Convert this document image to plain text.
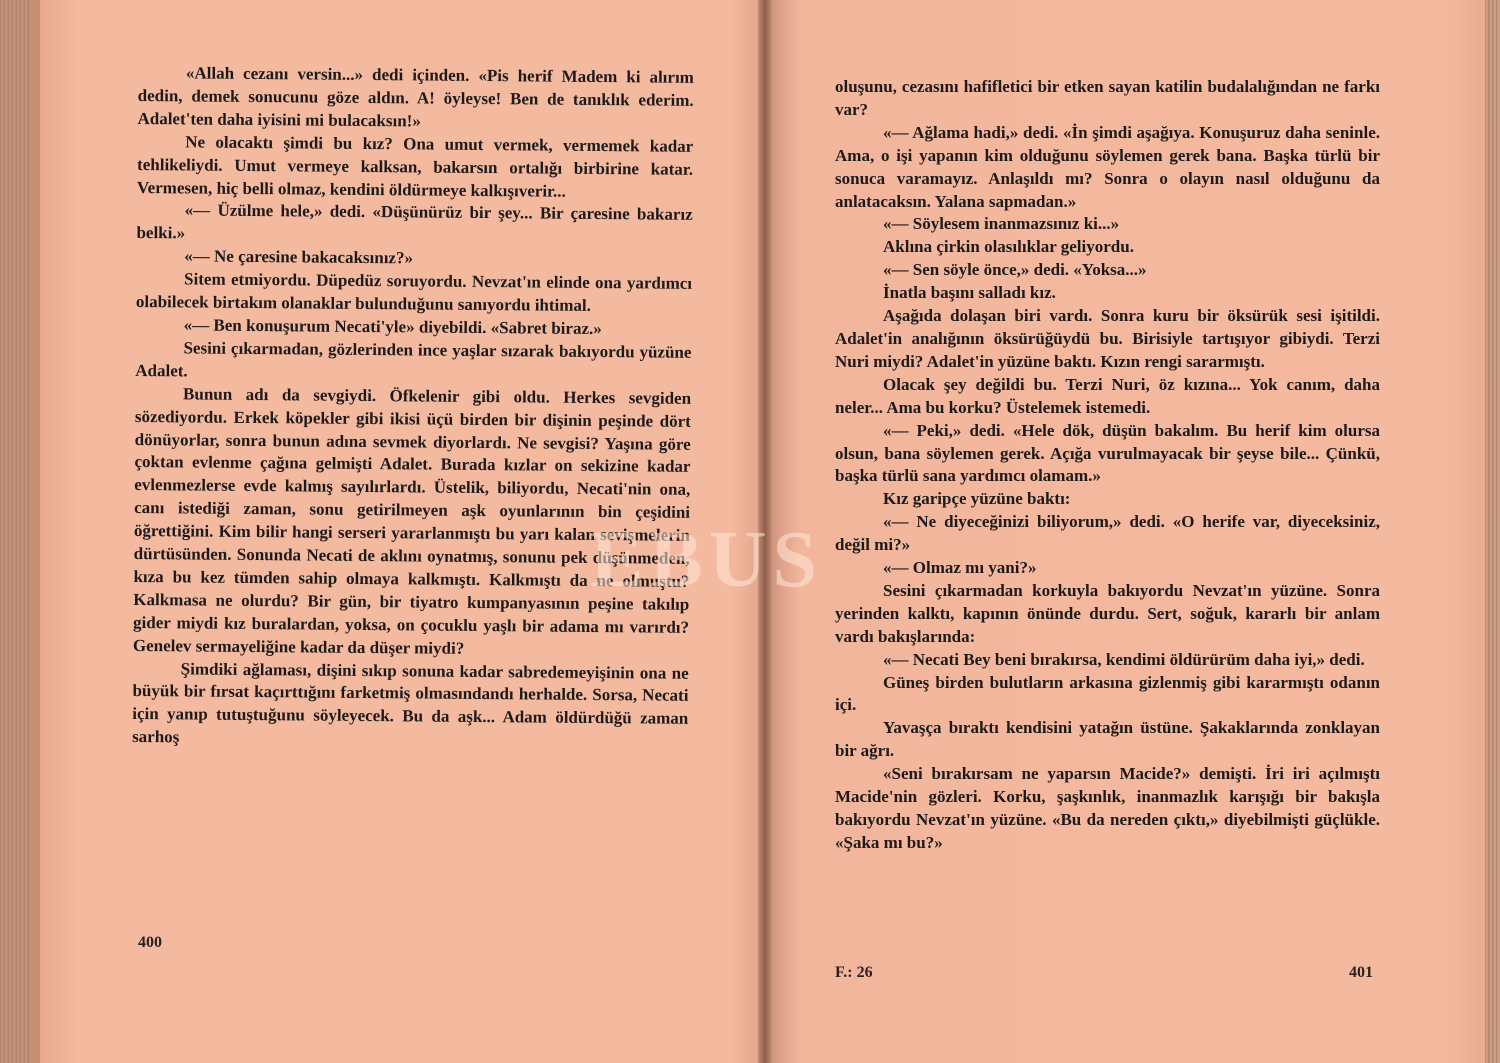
«Allah cezanı versin...» dedi içinden. «Pis herif Madem ki alırım dedin, demek sonucunu göze aldın. A! öyleyse! Ben de tanıklık ederim. Adalet'ten daha iyisini mi bulacaksın!»

Ne olacaktı şimdi bu kız? Ona umut vermek, vermemek kadar tehlikeliydi. Umut vermeye kalksan, bakarsın ortalığı birbirine katar. Vermesen, hiç belli olmaz, kendini öldürmeye kalkışıverir...

«— Üzülme hele,» dedi. «Düşünürüz bir şey... Bir çaresine bakarız belki.»

«— Ne çaresine bakacaksınız?»

Sitem etmiyordu. Düpedüz soruyordu. Nevzat'ın elinde ona yardımcı olabilecek birtakım olanaklar bulunduğunu sanıyordu ihtimal.

«— Ben konuşurum Necati'yle» diyebildi. «Sabret biraz.»

Sesini çıkarmadan, gözlerinden ince yaşlar sızarak bakıyordu yüzüne Adalet.

Bunun adı da sevgiydi. Öfkelenir gibi oldu. Herkes sevgiden sözediyordu. Erkek köpekler gibi ikisi üçü birden bir dişinin peşinde dört dönüyorlar, sonra bunun adına sevmek diyorlardı. Ne sevgisi? Yaşına göre çoktan evlenme çağına gelmişti Adalet. Burada kızlar on sekizine kadar evlenmezlerse evde kalmış sayılırlardı. Üstelik, biliyordu, Necati'nin ona, canı istediği zaman, sonu getirilmeyen aşk oyunlarının bin çeşidini öğrettiğini. Kim bilir hangi serseri yararlanmıştı bu yarı kalan sevişmelerin dürtüsünden. Sonunda Necati de aklını oynatmış, sonunu pek düşünmeden, kıza bu kez tümden sahip olmaya kalkmıştı. Kalkmıştı da ne olmuştu? Kalkmasa ne olurdu? Bir gün, bir tiyatro kumpanyasının peşine takılıp gider miydi kız buralardan, yoksa, on çocuklu yaşlı bir adama mı varırdı? Genelev sermayeliğine kadar da düşer miydi?

Şimdiki ağlaması, dişini sıkıp sonuna kadar sabredemeyişinin ona ne büyük bir fırsat kaçırttığını farketmiş olmasındandı herhalde. Sorsa, Necati için yanıp tutuştuğunu söyleyecek. Bu da aşk... Adam öldürdüğü zaman sarhoş

400

oluşunu, cezasını hafifletici bir etken sayan katilin budalalığından ne farkı var?

«— Ağlama hadi,» dedi. «İn şimdi aşağıya. Konuşuruz daha seninle. Ama, o işi yapanın kim olduğunu söylemen gerek bana. Başka türlü bir sonuca varamayız. Anlaşıldı mı? Sonra o olayın nasıl olduğunu da anlatacaksın. Yalana sapmadan.»

«— Söylesem inanmazsınız ki...»

Aklına çirkin olasılıklar geliyordu.

«— Sen söyle önce,» dedi. «Yoksa...»

İnatla başını salladı kız.

Aşağıda dolaşan biri vardı. Sonra kuru bir öksürük sesi işitildi. Adalet'in analığının öksürüğüydü bu. Birisiyle tartışıyor gibiydi. Terzi Nuri miydi? Adalet'in yüzüne baktı. Kızın rengi sararmıştı.

Olacak şey değildi bu. Terzi Nuri, öz kızına... Yok canım, daha neler... Ama bu korku? Üstelemek istemedi.

«— Peki,» dedi. «Hele dök, düşün bakalım. Bu herif kim olursa olsun, bana söylemen gerek. Açığa vurulmayacak bir şeyse bile... Çünkü, başka türlü sana yardımcı olamam.»

Kız garipçe yüzüne baktı:

«— Ne diyeceğinizi biliyorum,» dedi. «O herife var, diyeceksiniz, değil mi?»

«— Olmaz mı yani?»

Sesini çıkarmadan korkuyla bakıyordu Nevzat'ın yüzüne. Sonra yerinden kalktı, kapının önünde durdu. Sert, soğuk, kararlı bir anlam vardı bakışlarında:

«— Necati Bey beni bırakırsa, kendimi öldürürüm daha iyi,» dedi.

Güneş birden bulutların arkasına gizlenmiş gibi kararmıştı odanın içi.

Yavaşça bıraktı kendisini yatağın üstüne. Şakaklarında zonklayan bir ağrı.

«Seni bırakırsam ne yaparsın Macide?» demişti. İri iri açılmıştı Macide'nin gözleri. Korku, şaşkınlık, inanmazlık karışığı bir bakışla bakıyordu Nevzat'ın yüzüne. «Bu da nereden çıktı,» diyebilmişti güçlükle. «Şaka mı bu?»

F.: 26	401
EBUS
